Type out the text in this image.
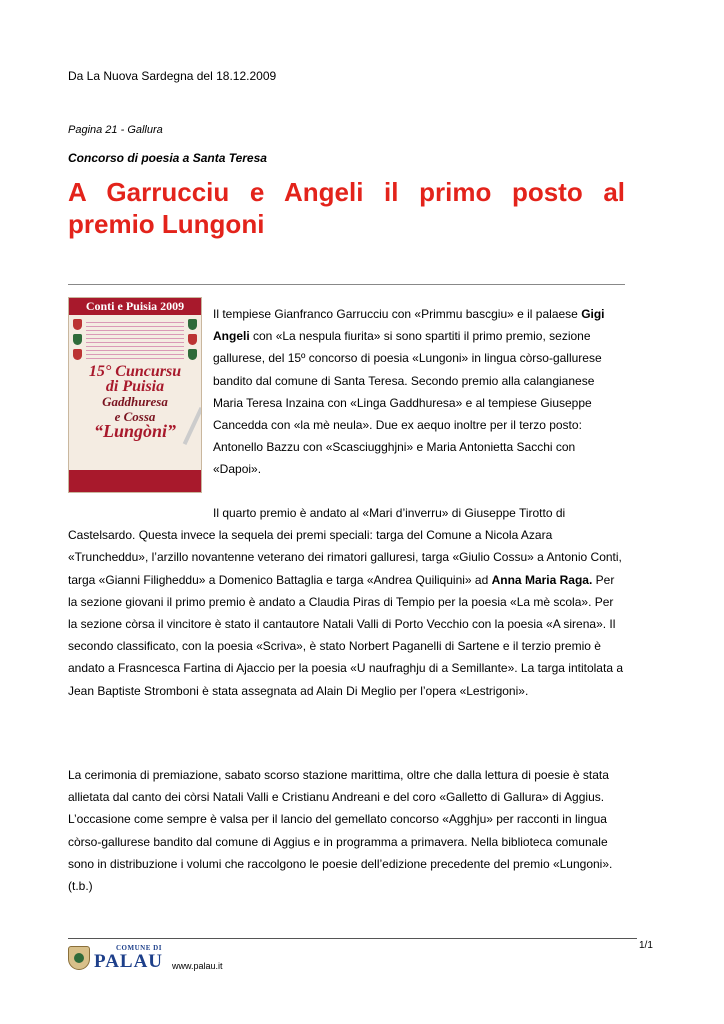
Da La Nuova Sardegna del 18.12.2009
Pagina 21 - Gallura
Concorso di poesia a Santa Teresa
A Garrucciu e Angeli il primo posto al premio Lungoni
Conti e Puisia 2009
15° Cuncursu
di Puisia
Gaddhuresa
e Cossa
“Lungòni”

Il tempiese Gianfranco Garrucciu con «Primmu bascgiu» e il palaese Gigi Angeli con «La nespula fiurita» si sono spartiti il primo premio, sezione gallurese, del 15º concorso di poesia «Lungoni» in lingua còrso-gallurese bandito dal comune di Santa Teresa. Secondo premio alla calangianese Maria Teresa Inzaina con «Linga Gaddhuresa» e al tempiese Giuseppe Cancedda con «la mè neula». Due ex aequo inoltre per il terzo posto: Antonello Bazzu con «Scasciugghjni» e Maria Antonietta Sacchi con «Dapoi».

Il quarto premio è andato al «Mari d’inverru» di Giuseppe Tirotto di Castelsardo. Questa invece la sequela dei premi speciali: targa del Comune a Nicola Azara «Truncheddu», l’arzillo novantenne veterano dei rimatori galluresi, targa «Giulio Cossu» a Antonio Conti, targa «Gianni Filigheddu» a Domenico Battaglia e targa «Andrea Quiliquini» ad Anna Maria Raga. Per la sezione giovani il primo premio è andato a Claudia Piras di Tempio per la poesia «La mè scola». Per la sezione còrsa il vincitore è stato il cantautore Natali Valli di Porto Vecchio con la poesia «A sirena». Il secondo classificato, con la poesia «Scriva», è stato Norbert Paganelli di Sartene e il terzio premio è andato a Frasncesca Fartina di Ajaccio per la poesia «U naufraghju di a Semillante». La targa intitolata a Jean Baptiste Stromboni è stata assegnata ad Alain Di Meglio per l’opera «Lestrigoni».

La cerimonia di premiazione, sabato scorso stazione marittima, oltre che dalla lettura di poesie è stata allietata dal canto dei còrsi Natali Valli e Cristianu Andreani e del coro «Galletto di Gallura» di Aggius. L’occasione come sempre è valsa per il lancio del gemellato concorso «Agghju» per racconti in lingua còrso-gallurese bandito dal comune di Aggius e in programma a primavera. Nella biblioteca comunale sono in distribuzione i volumi che raccolgono le poesie dell’edizione precedente del premio «Lungoni». (t.b.)

1/1
COMUNE DI
PALAU www.palau.it
